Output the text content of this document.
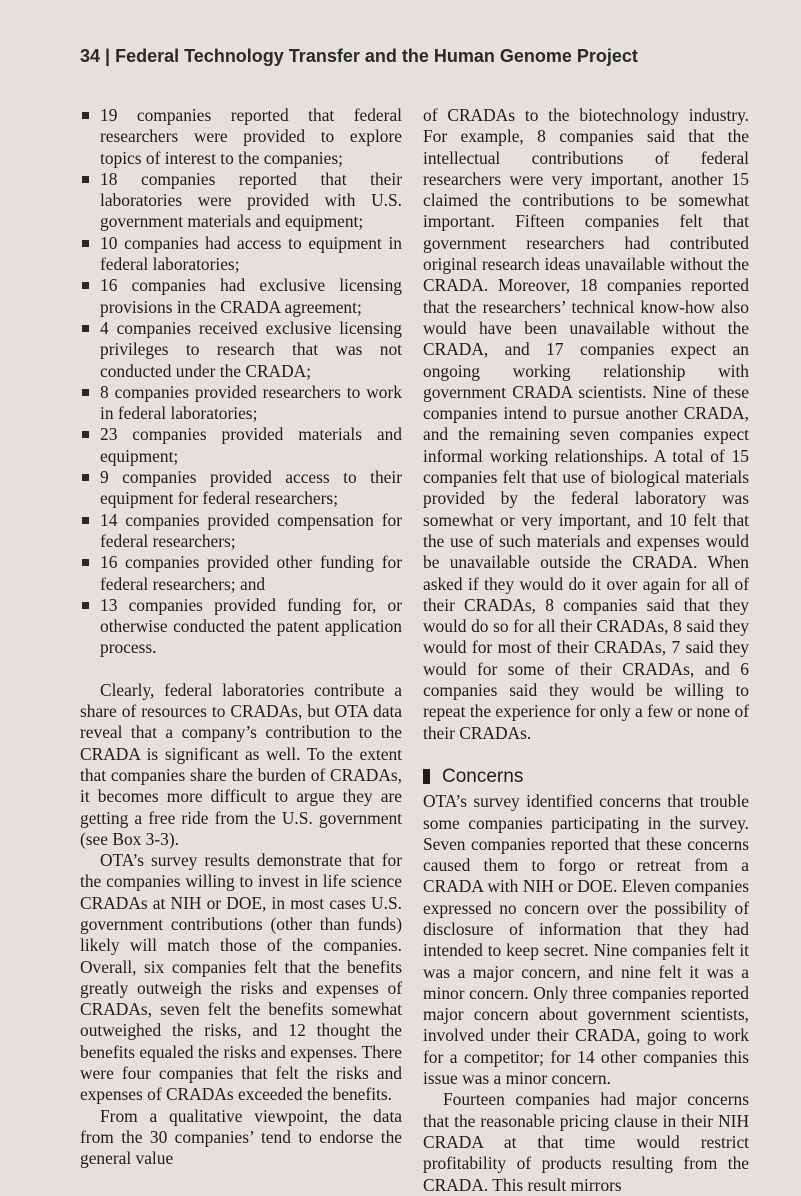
34 | Federal Technology Transfer and the Human Genome Project
19 companies reported that federal researchers were provided to explore topics of interest to the companies;
18 companies reported that their laboratories were provided with U.S. government materials and equipment;
10 companies had access to equipment in federal laboratories;
16 companies had exclusive licensing provisions in the CRADA agreement;
4 companies received exclusive licensing privileges to research that was not conducted under the CRADA;
8 companies provided researchers to work in federal laboratories;
23 companies provided materials and equipment;
9 companies provided access to their equipment for federal researchers;
14 companies provided compensation for federal researchers;
16 companies provided other funding for federal researchers; and
13 companies provided funding for, or otherwise conducted the patent application process.

Clearly, federal laboratories contribute a share of resources to CRADAs, but OTA data reveal that a company’s contribution to the CRADA is significant as well. To the extent that companies share the burden of CRADAs, it becomes more difficult to argue they are getting a free ride from the U.S. government (see Box 3-3).

OTA’s survey results demonstrate that for the companies willing to invest in life science CRADAs at NIH or DOE, in most cases U.S. government contributions (other than funds) likely will match those of the companies. Overall, six companies felt that the benefits greatly outweigh the risks and expenses of CRADAs, seven felt the benefits somewhat outweighed the risks, and 12 thought the benefits equaled the risks and expenses. There were four companies that felt the risks and expenses of CRADAs exceeded the benefits.

From a qualitative viewpoint, the data from the 30 companies’ tend to endorse the general value

of CRADAs to the biotechnology industry. For example, 8 companies said that the intellectual contributions of federal researchers were very important, another 15 claimed the contributions to be somewhat important. Fifteen companies felt that government researchers had contributed original research ideas unavailable without the CRADA. Moreover, 18 companies reported that the researchers’ technical know-how also would have been unavailable without the CRADA, and 17 companies expect an ongoing working relationship with government CRADA scientists. Nine of these companies intend to pursue another CRADA, and the remaining seven companies expect informal working relationships. A total of 15 companies felt that use of biological materials provided by the federal laboratory was somewhat or very important, and 10 felt that the use of such materials and expenses would be unavailable outside the CRADA. When asked if they would do it over again for all of their CRADAs, 8 companies said that they would do so for all their CRADAs, 8 said they would for most of their CRADAs, 7 said they would for some of their CRADAs, and 6 companies said they would be willing to repeat the experience for only a few or none of their CRADAs.

Concerns

OTA’s survey identified concerns that trouble some companies participating in the survey. Seven companies reported that these concerns caused them to forgo or retreat from a CRADA with NIH or DOE. Eleven companies expressed no concern over the possibility of disclosure of information that they had intended to keep secret. Nine companies felt it was a major concern, and nine felt it was a minor concern. Only three companies reported major concern about government scientists, involved under their CRADA, going to work for a competitor; for 14 other companies this issue was a minor concern.

Fourteen companies had major concerns that the reasonable pricing clause in their NIH CRADA at that time would restrict profitability of products resulting from the CRADA. This result mirrors
